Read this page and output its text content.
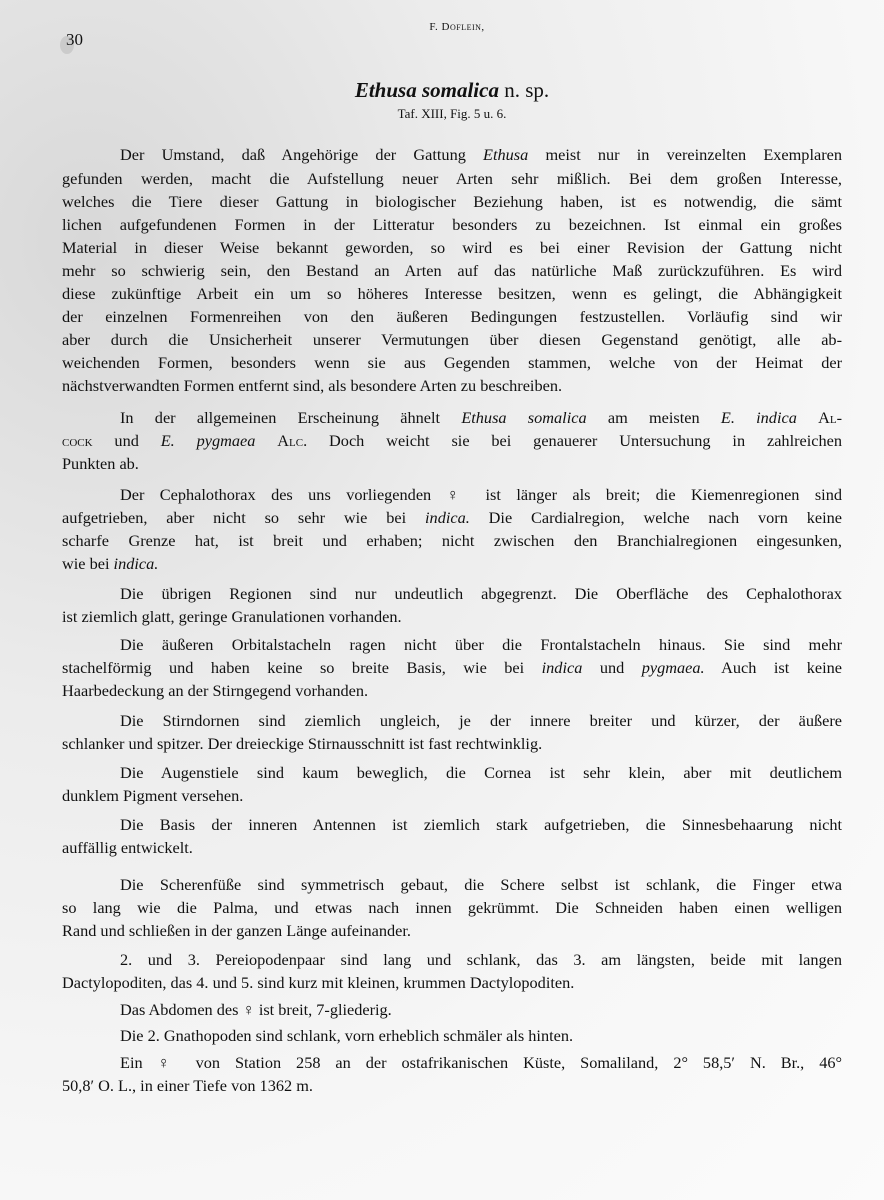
30
F. Doflein,
Ethusa somalica n. sp.
Taf. XIII, Fig. 5 u. 6.
Der Umstand, daß Angehörige der Gattung Ethusa meist nur in vereinzelten Exemplaren
gefunden werden, macht die Aufstellung neuer Arten sehr mißlich. Bei dem großen Interesse,
welches die Tiere dieser Gattung in biologischer Beziehung haben, ist es notwendig, die sämt
lichen aufgefundenen Formen in der Litteratur besonders zu bezeichnen. Ist einmal ein großes
Material in dieser Weise bekannt geworden, so wird es bei einer Revision der Gattung nicht
mehr so schwierig sein, den Bestand an Arten auf das natürliche Maß zurückzuführen. Es wird
diese zukünftige Arbeit ein um so höheres Interesse besitzen, wenn es gelingt, die Abhängigkeit
der einzelnen Formenreihen von den äußeren Bedingungen festzustellen. Vorläufig sind wir
aber durch die Unsicherheit unserer Vermutungen über diesen Gegenstand genötigt, alle ab-
weichenden Formen, besonders wenn sie aus Gegenden stammen, welche von der Heimat der
nächstverwandten Formen entfernt sind, als besondere Arten zu beschreiben.
In der allgemeinen Erscheinung ähnelt Ethusa somalica am meisten E. indica Al-
cock und E. pygmaea Alc. Doch weicht sie bei genauerer Untersuchung in zahlreichen
Punkten ab.
Der Cephalothorax des uns vorliegenden ♀ ist länger als breit; die Kiemenregionen sind
aufgetrieben, aber nicht so sehr wie bei indica. Die Cardialregion, welche nach vorn keine
scharfe Grenze hat, ist breit und erhaben; nicht zwischen den Branchialregionen eingesunken,
wie bei indica.
Die übrigen Regionen sind nur undeutlich abgegrenzt. Die Oberfläche des Cephalothorax
ist ziemlich glatt, geringe Granulationen vorhanden.
Die äußeren Orbitalstacheln ragen nicht über die Frontalstacheln hinaus. Sie sind mehr
stachelförmig und haben keine so breite Basis, wie bei indica und pygmaea. Auch ist keine
Haarbedeckung an der Stirngegend vorhanden.
Die Stirndornen sind ziemlich ungleich, je der innere breiter und kürzer, der äußere
schlanker und spitzer. Der dreieckige Stirnausschnitt ist fast rechtwinklig.
Die Augenstiele sind kaum beweglich, die Cornea ist sehr klein, aber mit deutlichem
dunklem Pigment versehen.
Die Basis der inneren Antennen ist ziemlich stark aufgetrieben, die Sinnesbehaarung nicht
auffällig entwickelt.
Die Scherenfüße sind symmetrisch gebaut, die Schere selbst ist schlank, die Finger etwa
so lang wie die Palma, und etwas nach innen gekrümmt. Die Schneiden haben einen welligen
Rand und schließen in der ganzen Länge aufeinander.
2. und 3. Pereiopodenpaar sind lang und schlank, das 3. am längsten, beide mit langen
Dactylopoditen, das 4. und 5. sind kurz mit kleinen, krummen Dactylopoditen.
Das Abdomen des ♀ ist breit, 7-gliederig.
Die 2. Gnathopoden sind schlank, vorn erheblich schmäler als hinten.
Ein ♀ von Station 258 an der ostafrikanischen Küste, Somaliland, 2° 58,5′ N. Br., 46°
50,8′ O. L., in einer Tiefe von 1362 m.
